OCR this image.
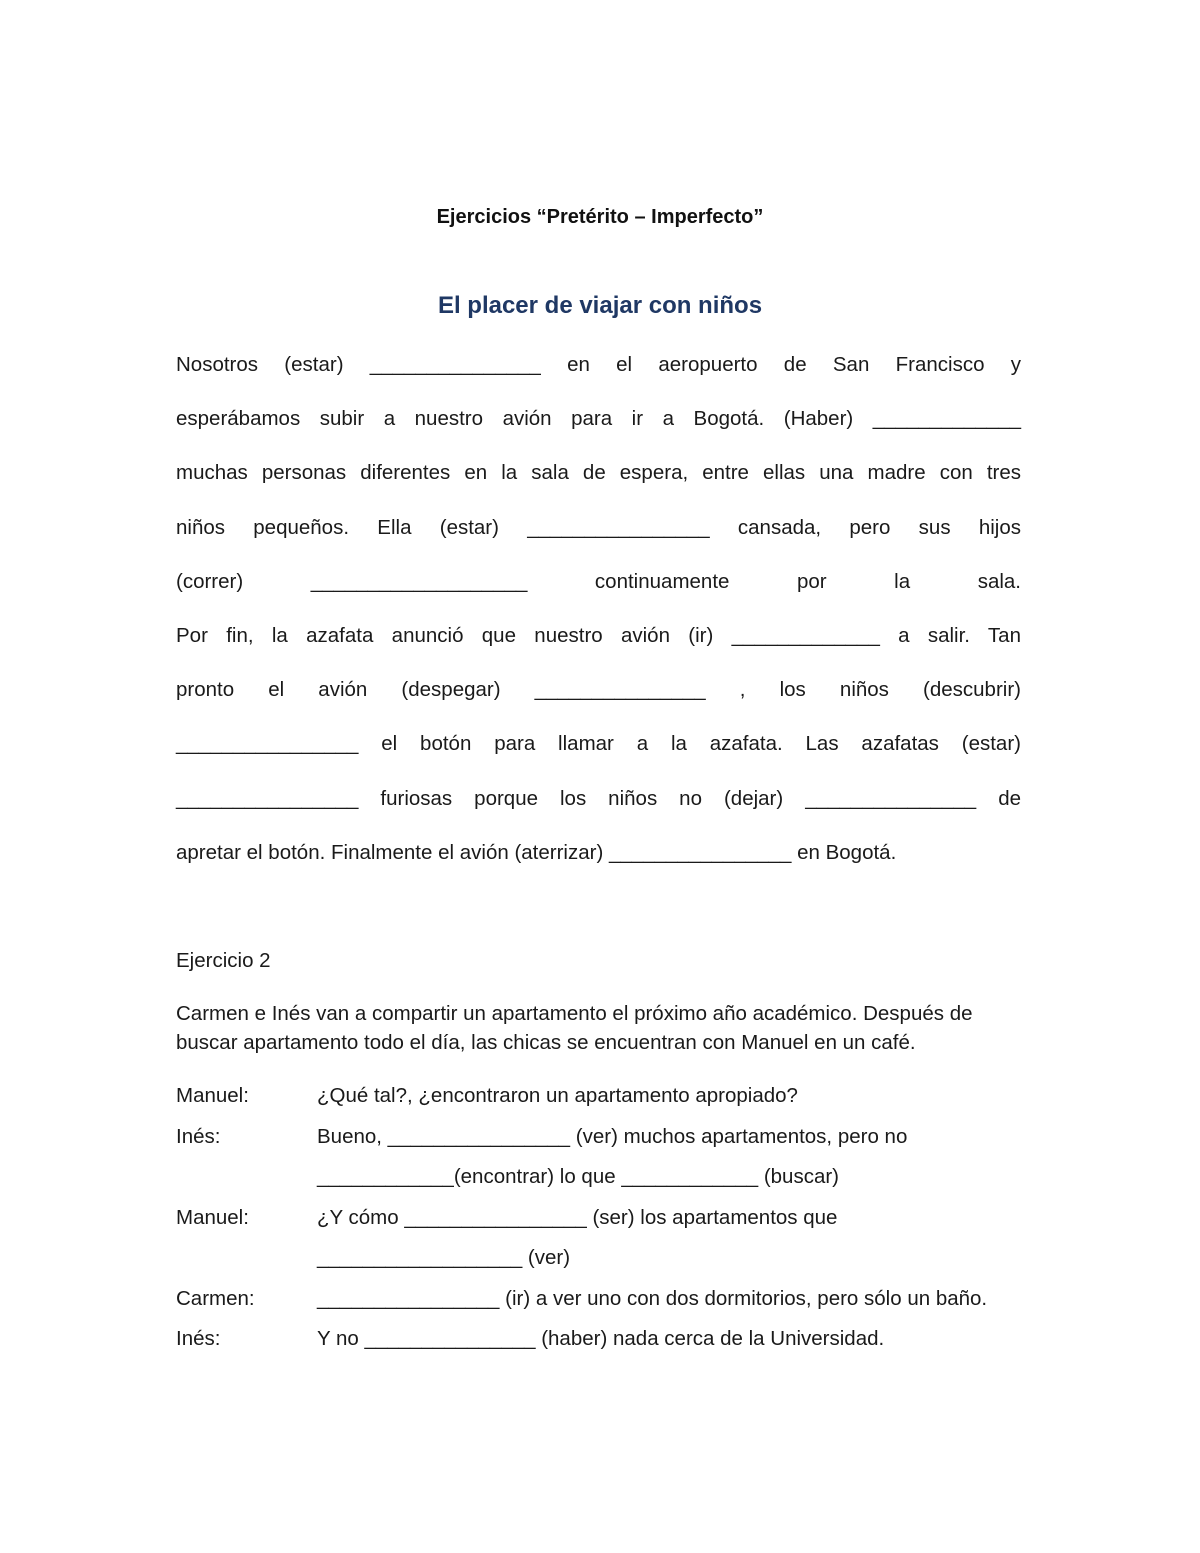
Ejercicios “Pretérito – Imperfecto”
El placer de viajar con niños
Nosotros (estar) _______________ en el aeropuerto de San Francisco y
esperábamos subir a nuestro avión para ir a Bogotá. (Haber) _____________
muchas personas diferentes en la sala de espera, entre ellas una madre con tres
niños pequeños. Ella (estar) ________________ cansada, pero sus hijos
(correr) ___________________ continuamente por la sala.
Por fin, la azafata anunció que nuestro avión (ir) _____________ a salir. Tan
pronto el avión (despegar) _______________ , los niños (descubrir)
________________ el botón para llamar a la azafata. Las azafatas (estar)
________________ furiosas porque los niños no (dejar) _______________ de
apretar el botón. Finalmente el avión (aterrizar) ________________ en Bogotá.
Ejercicio 2
Carmen e Inés van a compartir un apartamento el próximo año académico. Después de
buscar apartamento todo el día, las chicas se encuentran con Manuel en un café.
Manuel:	¿Qué tal?, ¿encontraron un apartamento apropiado?
Inés:	Bueno, ________________ (ver) muchos apartamentos, pero no
____________(encontrar) lo que ____________ (buscar)
Manuel:	¿Y cómo ________________ (ser) los apartamentos que
__________________ (ver)
Carmen:	________________ (ir) a ver uno con dos dormitorios, pero sólo un baño.
Inés:	Y no _______________ (haber) nada cerca de la Universidad.
